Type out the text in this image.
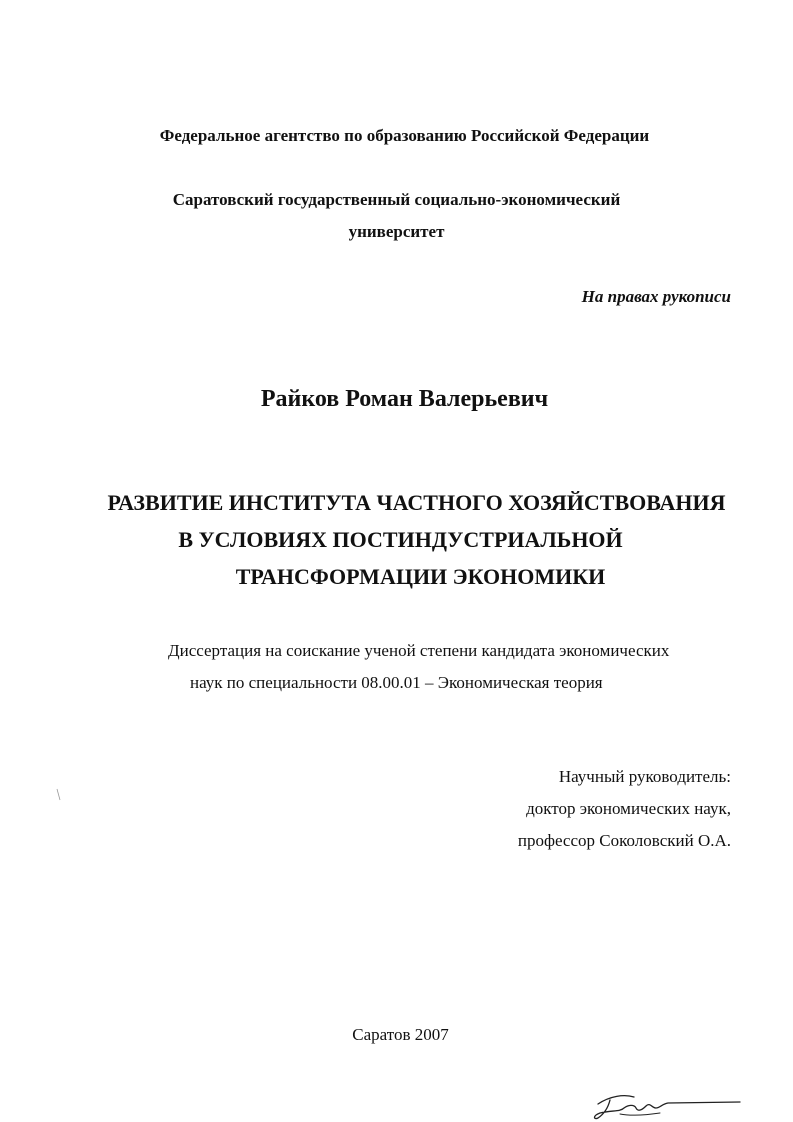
Федеральное агентство по образованию Российской Федерации

Саратовский государственный социально-экономический

университет

На правах рукописи

Райков Роман Валерьевич

РАЗВИТИЕ ИНСТИТУТА ЧАСТНОГО ХОЗЯЙСТВОВАНИЯ

В УСЛОВИЯХ ПОСТИНДУСТРИАЛЬНОЙ

ТРАНСФОРМАЦИИ ЭКОНОМИКИ

Диссертация на соискание ученой степени кандидата экономических

наук по специальности 08.00.01 – Экономическая теория

Научный руководитель:

доктор экономических наук,

профессор Соколовский О.А.

Саратов 2007
